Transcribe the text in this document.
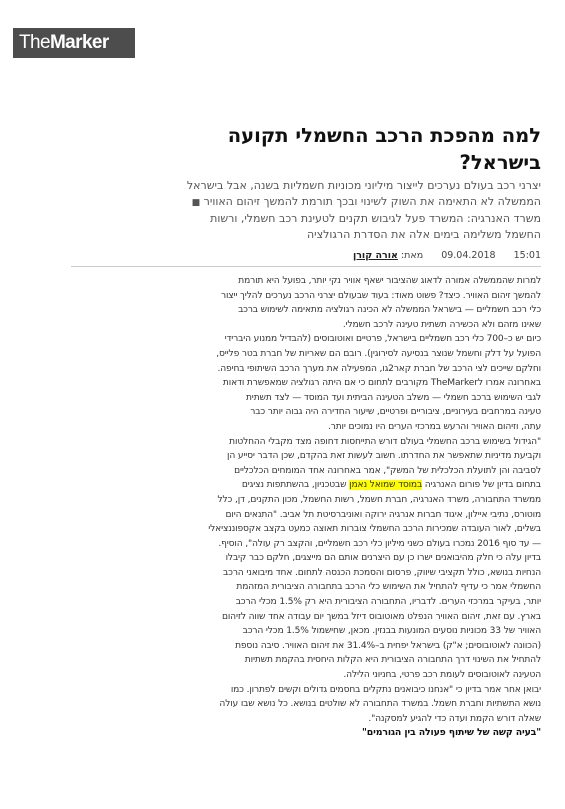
The Marker
למה מהפכת הרכב החשמלי תקועה
בישראל?
יצרני רכב בעולם נערכים לייצור מיליוני מכוניות חשמליות בשנה, אבל בישראל
הממשלה לא התאימה את השוק לשינוי ובכך תורמת להמשך זיהום האוויר ■
משרד האנרגיה: המשרד פעל לגיבוש תקנים לטעינת רכב חשמלי, ורשות
החשמל משלימה בימים אלה את הסדרת הרגולציה
15:01
09.04.2018
מאת: אורה קורן

למרות שהממשלה אמורה לדאוג שהציבור ישאף אוויר נקי יותר, בפועל היא תורמת

להמשך זיהום האוויר. כיצד? פשוט מאוד: בעוד שבעולם יצרני הרכב נערכים להליך ייצור

כלי רכב חשמליים — בישראל הממשלה לא הכינה רגולציה מתאימה לשימוש ברכב

שאינו מזהם ולא הכשירה תשתית טעינה לרכב חשמלי.

כיום יש כ–700 כלי רכב חשמליים בישראל, פרטיים ואוטובוסים (להבדיל ממנוע היברידי

הפועל על דלק וחשמל שנוצר בנסיעה לסירוגין). רובם הם שאריות של חברת בטר פלייס,

וחלקם שייכים לצי הרכב של חברת קאר2גו, המפעילה את מערך הרכב השיתופי בחיפה.

באחרונה אמרו לTheMarker מקורבים לתחום כי אם היתה רגולציה שמאפשרת ודאות

לגבי השימוש ברכב חשמלי — משלב הטעינה הביתית ועד המוסד — לצד תשתית

טעינה במרחבים בעירוניים, ציבוריים ופרטיים, שיעור החדירה היה גבוה יותר כבר

עתה, וזיהום האוויר והרעש במרכזי הערים היו נמוכים יותר.

"הגידול בשימוש ברכב החשמלי בעולם דורש התייחסות דחופה מצד מקבלי ההחלטות

וקביעת מדיניות שתאפשר את החדרתו. חשוב לעשות זאת בהקדם, שכן הדבר יסייע הן

לסביבה והן לתועלת הכלכלית של המשק", אמר באחרונה אחד המומחים הכלכליים

בתחום בדיון של פורום האנרגיה במוסד שמואל נאמן שבטכניון, בהשתתפות נציגים

ממשרד התחבורה, משרד האנרגיה, חברת חשמל, רשות החשמל, מכון התקנים, דן, כלל

מוטורס, נתיבי איילון, איגוד חברות אנרגיה ירוקה ואוניברסיטת תל אביב. "התנאים היום

בשלים, לאור העובדה שמכירות הרכב החשמלי צוברות תאוצה כמעט בקצב אקספוננציאלי

— עד סוף 2016 נמכרו בעולם כשני מיליון כלי רכב חשמליים, והקצב רק עולה", הוסיף.

בדיון עלה כי חלק מהיבואנים ישרו כן עם היצרנים אותם הם מייצגים, חלקם כבר קיבלו

הנחיות בנושא, כולל תקציבי שיווק, פרסום והסמכת הכנסה לתחום. אחד מיבואני הרכב

החשמלי אמר כי עדיף להתחיל את השימוש כלי הרכב בתחבורה הציבורית המזהמת

יותר, בעיקר במרכזי הערים. לדבריו, התחבורה הציבורית היא רק 1.5% מכלי הרכב

בארץ. עם זאת, זיהום האוויר הנפלט מאוטובוס דיזל במשך יום עבודה אחד שווה לזיהום

האוויר של 33 מכוניות נוסעים המונעות בבנזין. מכאן, שחישמול 1.5% מכלי הרכב

(הכוונה לאוטובוסים; א"ק) בישראל יפחית ב–31.4% את זיהום האוויר. סיבה נוספת

להתחיל את השינוי דרך התחבורה הציבורית היא הקלות היחסית בהקמת תשתיות

הטעינה לאוטובוסים לעומת רכב פרטי, בחניוני הלילה.

יבואן אחר אמר בדיון כי "אנחנו כיבואנים נתקלים בחסמים גדולים וקשים לפתרון. כמו

נושא התשתיות וחברת חשמל. במשרד התחבורה לא שולטים בנושא. כל נושא שבו עולה

שאלה דורש הקמת ועדה כדי להגיע למסקנה".

"בעיה קשה של שיתוף פעולה בין הגורמים"
